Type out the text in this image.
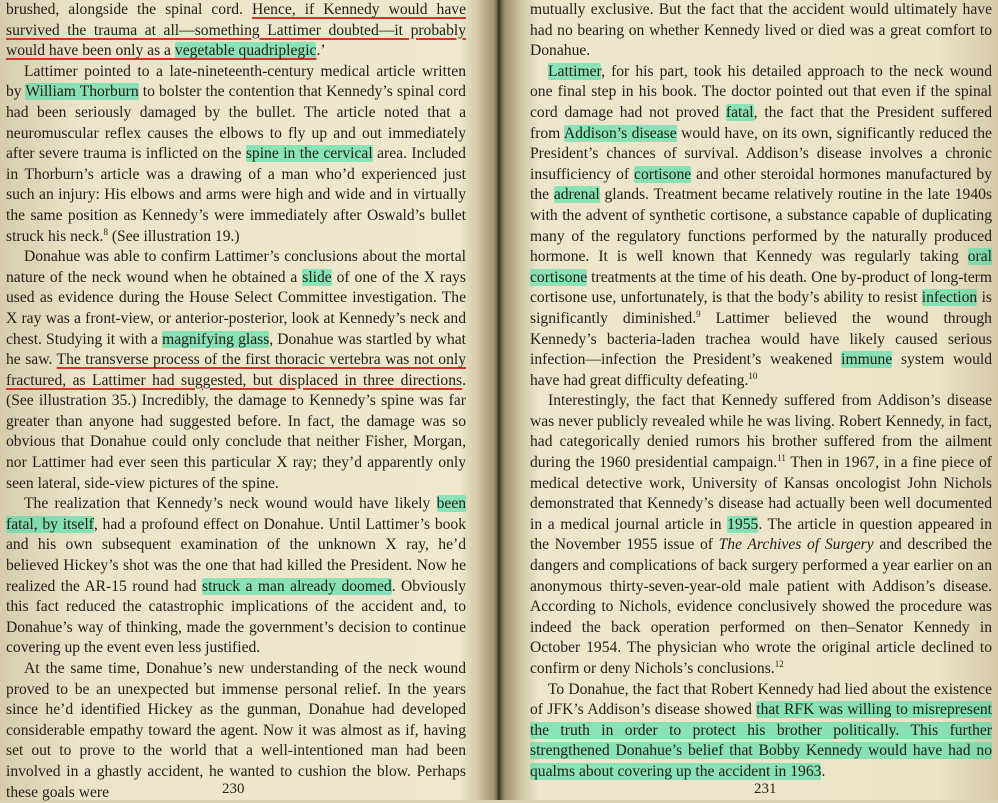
brushed, alongside the spinal cord. Hence, if Kennedy would have survived the trauma at all—something Lattimer doubted—it probably would have been only as a vegetable quadriplegic.’

Lattimer pointed to a late-nineteenth-century medical article written by William Thorburn to bolster the contention that Kennedy’s spinal cord had been seriously damaged by the bullet. The article noted that a neuromuscular reflex causes the elbows to fly up and out immediately after severe trauma is inflicted on the spine in the cervical area. Included in Thorburn’s article was a drawing of a man who’d experienced just such an injury: His elbows and arms were high and wide and in virtually the same position as Kennedy’s were immediately after Oswald’s bullet struck his neck.$^8$ (See illustration 19.)

Donahue was able to confirm Lattimer’s conclusions about the mortal nature of the neck wound when he obtained a slide of one of the X rays used as evidence during the House Select Committee investigation. The X ray was a front-view, or anterior-posterior, look at Kennedy’s neck and chest. Studying it with a magnifying glass, Donahue was startled by what he saw. The transverse process of the first thoracic vertebra was not only fractured, as Lattimer had suggested, but displaced in three directions. (See illustration 35.) Incredibly, the damage to Kennedy’s spine was far greater than anyone had suggested before. In fact, the damage was so obvious that Donahue could only conclude that neither Fisher, Morgan, nor Lattimer had ever seen this particular X ray; they’d apparently only seen lateral, side-view pictures of the spine.

The realization that Kennedy’s neck wound would have likely been fatal, by itself, had a profound effect on Donahue. Until Lattimer’s book and his own subsequent examination of the unknown X ray, he’d believed Hickey’s shot was the one that had killed the President. Now he realized the AR-15 round had struck a man already doomed. Obviously this fact reduced the catastrophic implications of the accident and, to Donahue’s way of thinking, made the government’s decision to continue covering up the event even less justified.

At the same time, Donahue’s new understanding of the neck wound proved to be an unexpected but immense personal relief. In the years since he’d identified Hickey as the gunman, Donahue had developed considerable empathy toward the agent. Now it was almost as if, having set out to prove to the world that a well-intentioned man had been involved in a ghastly accident, he wanted to cushion the blow. Perhaps these goals were	230

mutually exclusive. But the fact that the accident would ultimately have had no bearing on whether Kennedy lived or died was a great comfort to Donahue.

Lattimer, for his part, took his detailed approach to the neck wound one final step in his book. The doctor pointed out that even if the spinal cord damage had not proved fatal, the fact that the President suffered from Addison’s disease would have, on its own, significantly reduced the President’s chances of survival. Addison’s disease involves a chronic insufficiency of cortisone and other steroidal hormones manufactured by the adrenal glands. Treatment became relatively routine in the late 1940s with the advent of synthetic cortisone, a substance capable of duplicating many of the regulatory functions performed by the naturally produced hormone. It is well known that Kennedy was regularly taking oral cortisone treatments at the time of his death. One by-product of long-term cortisone use, unfortunately, is that the body’s ability to resist infection is significantly diminished.$^9$ Lattimer believed the wound through Kennedy’s bacteria-laden trachea would have likely caused serious infection—infection the President’s weakened immune system would have had great difficulty defeating.$^{10}$

Interestingly, the fact that Kennedy suffered from Addison’s disease was never publicly revealed while he was living. Robert Kennedy, in fact, had categorically denied rumors his brother suffered from the ailment during the 1960 presidential campaign.$^{11}$ Then in 1967, in a fine piece of medical detective work, University of Kansas oncologist John Nichols demonstrated that Kennedy’s disease had actually been well documented in a medical journal article in 1955. The article in question appeared in the November 1955 issue of The Archives of Surgery and described the dangers and complications of back surgery performed a year earlier on an anonymous thirty-seven-year-old male patient with Addison’s disease. According to Nichols, evidence conclusively showed the procedure was indeed the back operation performed on then–Senator Kennedy in October 1954. The physician who wrote the original article declined to confirm or deny Nichols’s conclusions.$^{12}$

To Donahue, the fact that Robert Kennedy had lied about the existence of JFK’s Addison’s disease showed that RFK was willing to misrepresent the truth in order to protect his brother politically. This further strengthened Donahue’s belief that Bobby Kennedy would have had no qualms about covering up the accident in 1963.

231
